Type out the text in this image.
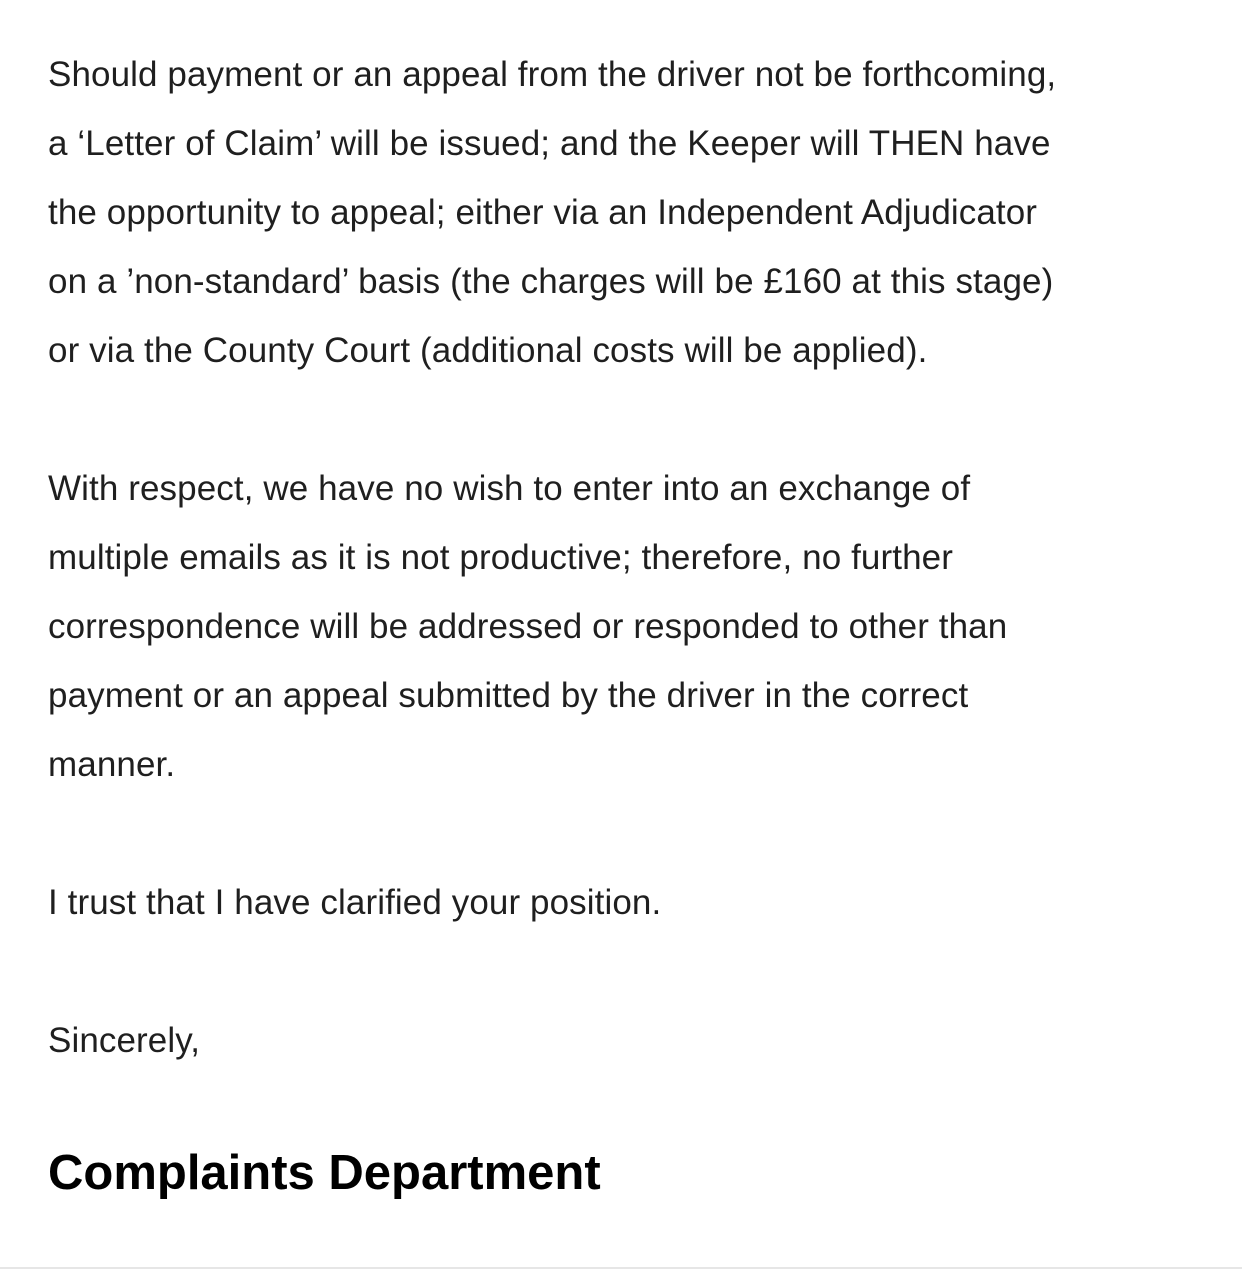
Should payment or an appeal from the driver not be forthcoming,
a ‘Letter of Claim’ will be issued; and the Keeper will THEN have
the opportunity to appeal; either via an Independent Adjudicator
on a ’non-standard’ basis (the charges will be £160 at this stage)
or via the County Court (additional costs will be applied).

With respect, we have no wish to enter into an exchange of
multiple emails as it is not productive; therefore, no further
correspondence will be addressed or responded to other than
payment or an appeal submitted by the driver in the correct
manner.

I trust that I have clarified your position.

Sincerely,

Complaints Department
